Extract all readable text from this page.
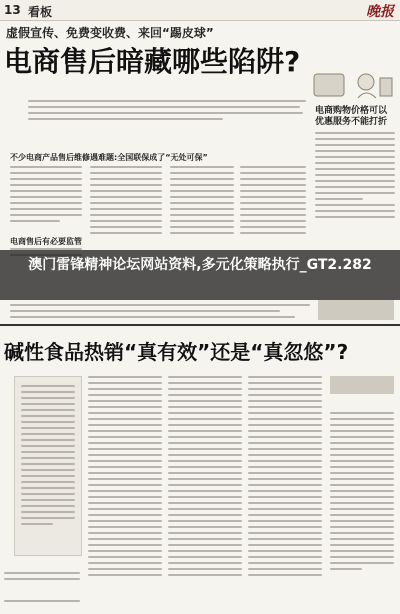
13 看板	晚报
虚假宣传、免费变收费、来回“踢皮球”
电商售后暗藏哪些陷阱?
电商购物价格可以优惠服务不能打折
不少电商产品售后维修遇难题:全国联保成了“无处可保”
电商售后有必要监管
澳门雷锋精神论坛网站资料,多元化策略执行_GT2.282
碱性食品热销“真有效”还是“真忽悠”?
